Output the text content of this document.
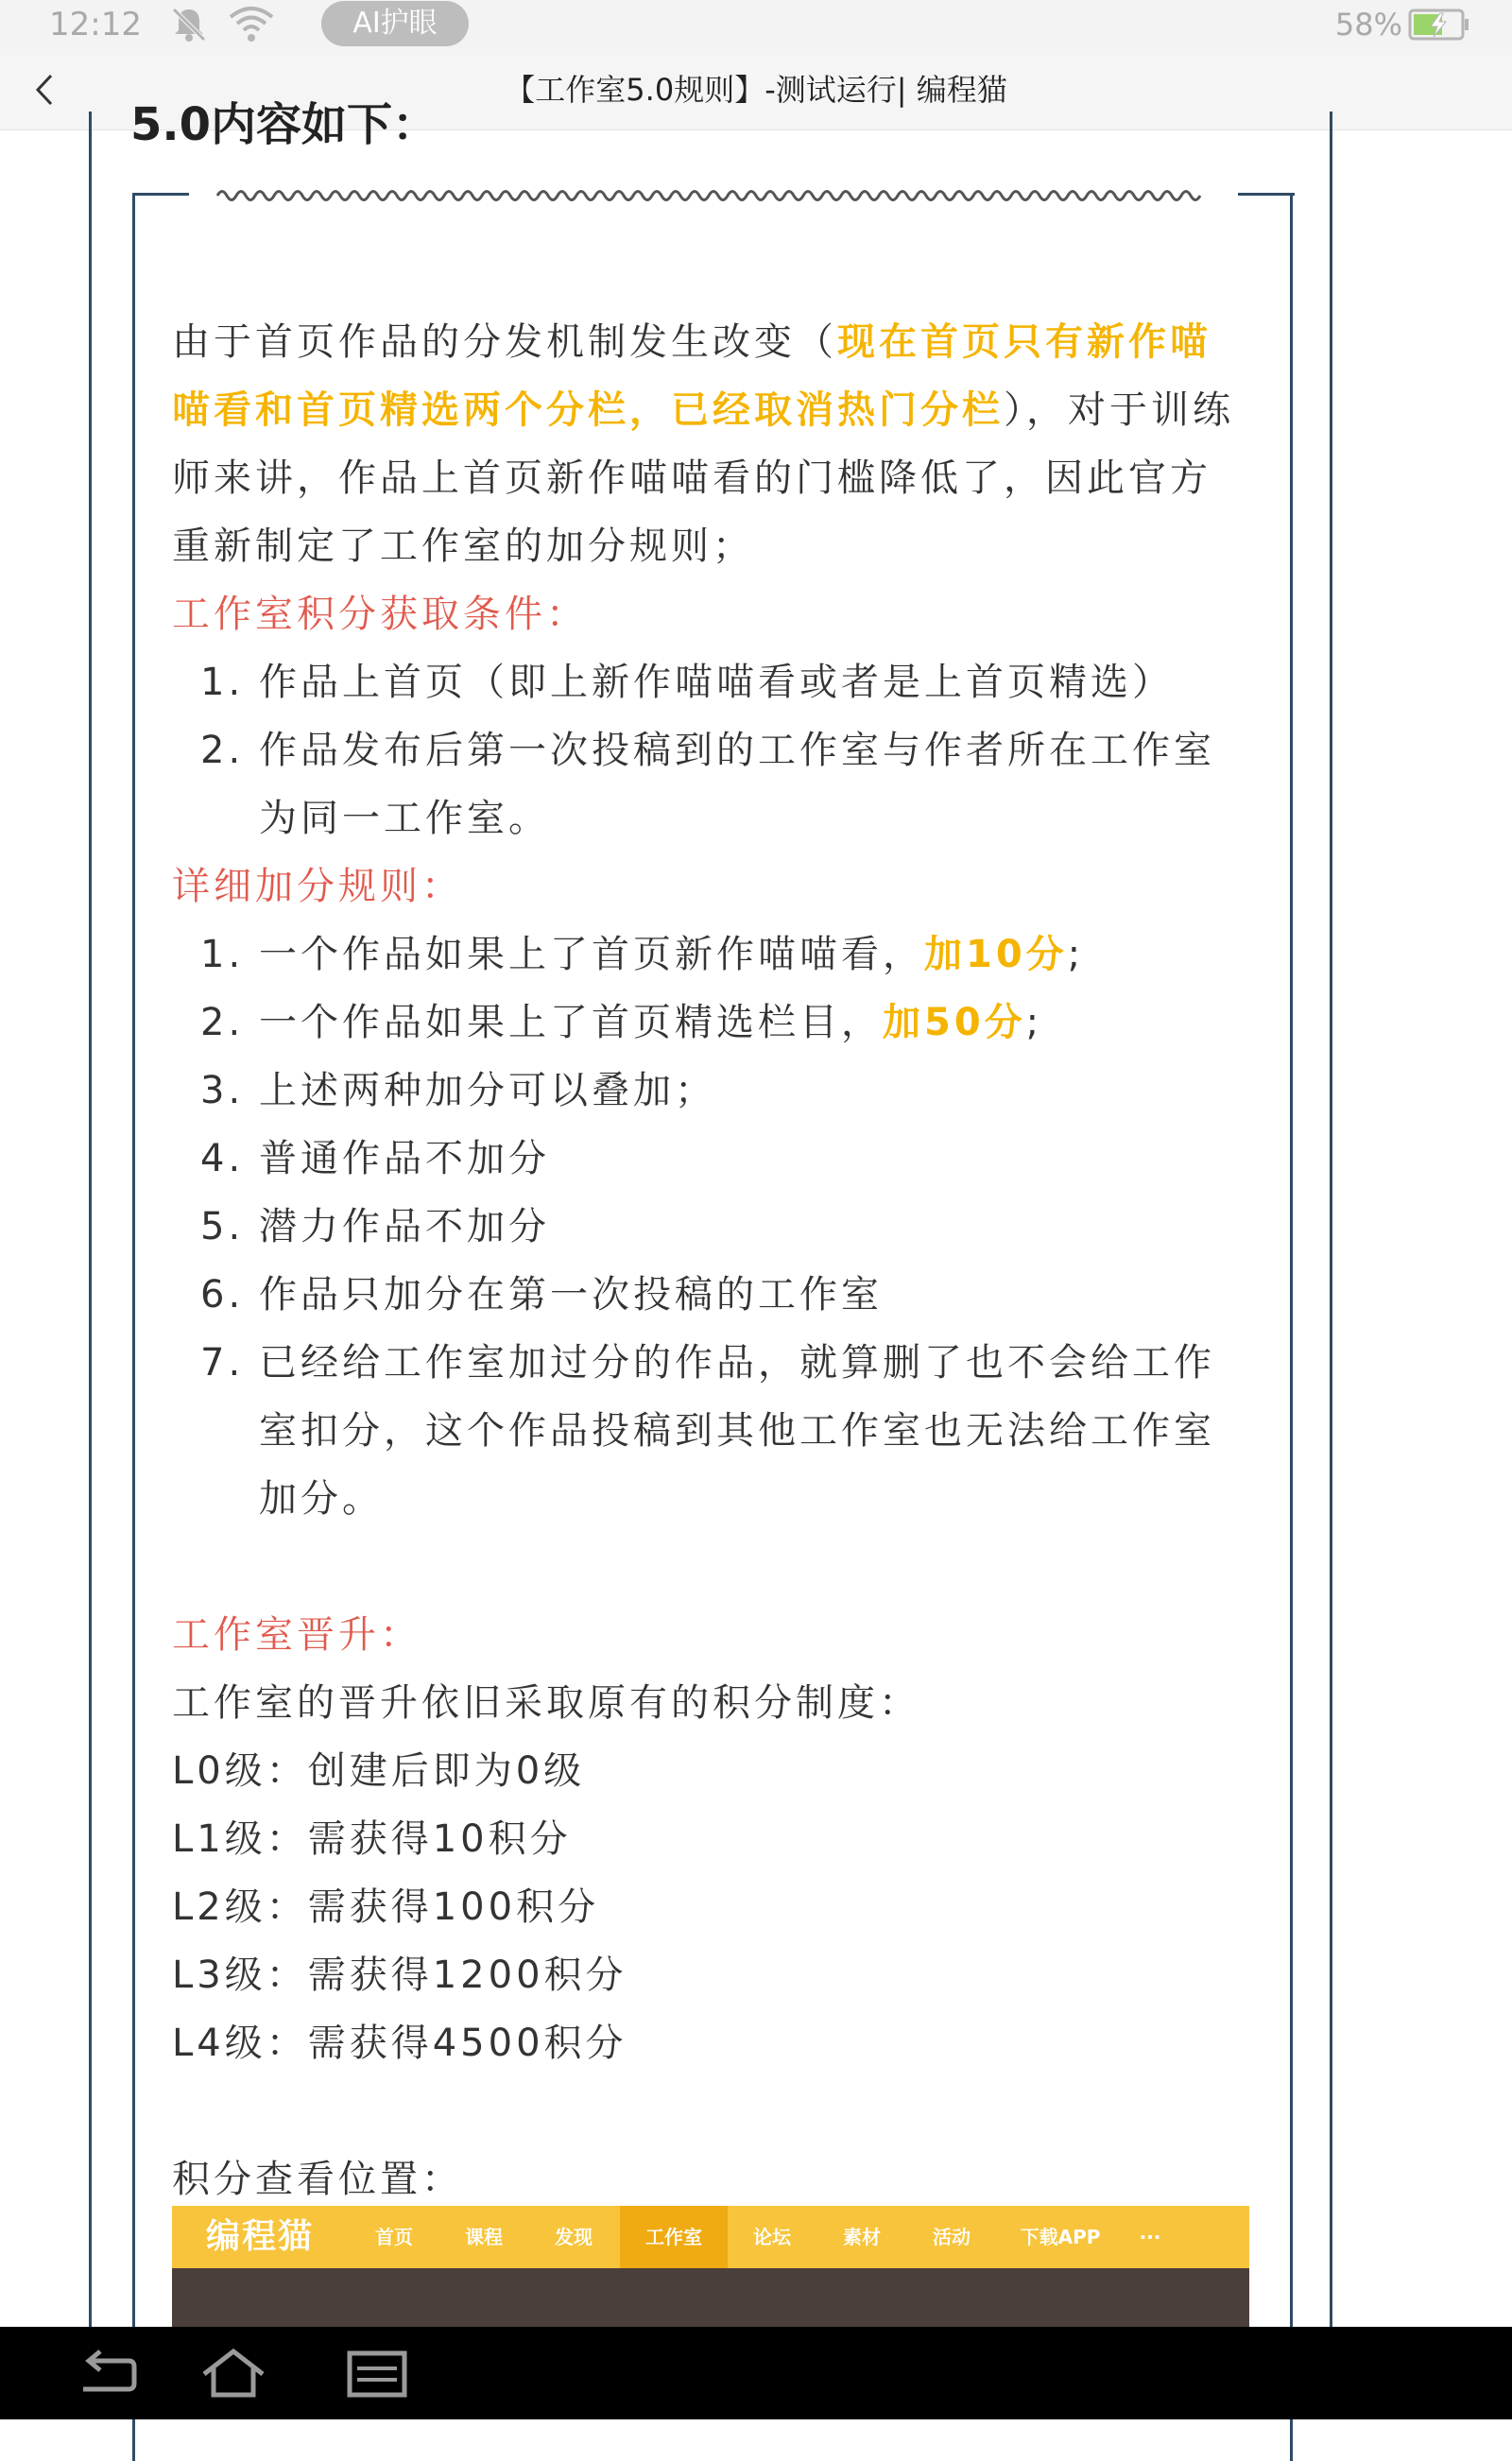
12:12	AI护眼	58%
【工作室5.0规则】-测试运行| 编程猫
5.0内容如下：

由于首页作品的分发机制发生改变（现在首页只有新作喵喵看和首页精选两个分栏，已经取消热门分栏），对于训练师来讲，作品上首页新作喵喵看的门槛降低了，因此官方重新制定了工作室的加分规则；

工作室积分获取条件：

1. 作品上首页（即上新作喵喵看或者是上首页精选）
2. 作品发布后第一次投稿到的工作室与作者所在工作室为同一工作室。

详细加分规则：

1. 一个作品如果上了首页新作喵喵看，加10分;
2. 一个作品如果上了首页精选栏目，加50分;
3. 上述两种加分可以叠加；
4. 普通作品不加分
5. 潜力作品不加分
6. 作品只加分在第一次投稿的工作室
7. 已经给工作室加过分的作品，就算删了也不会给工作室扣分，这个作品投稿到其他工作室也无法给工作室加分。

工作室晋升：

工作室的晋升依旧采取原有的积分制度：

L0级：创建后即为0级

L1级：需获得10积分

L2级：需获得100积分

L3级：需获得1200积分

L4级：需获得4500积分

积分查看位置：

编程猫	首页	课程	发现	工作室	论坛	素材	活动	下载APP	···
